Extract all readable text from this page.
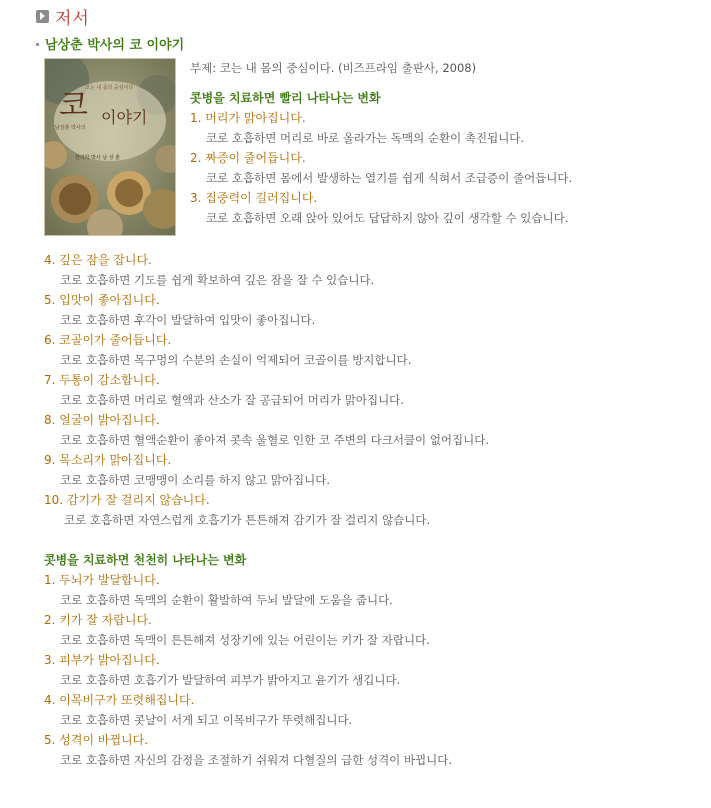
저서
남상춘 박사의 코 이야기
코는 내 몸의 중심이다
코 이야기
남상춘 박사의
한의학 박사 남 상 춘
부제: 코는 내 몸의 중심이다. (비즈프라임 출판사, 2008)
콧병을 치료하면 빨리 나타나는 변화
1. 머리가 맑아집니다.
코로 호흡하면 머리로 바로 올라가는 독맥의 순환이 촉진됩니다.
2. 짜증이 줄어듭니다.
코로 호흡하면 몸에서 발생하는 열기를 쉽게 식혀서 조급증이 줄어듭니다.
3. 집중력이 길러집니다.
코로 호흡하면 오래 앉아 있어도 답답하지 않아 깊이 생각할 수 있습니다.
4. 깊은 잠을 잡니다.
코로 호흡하면 기도를 쉽게 확보하여 깊은 잠을 잘 수 있습니다.
5. 입맛이 좋아집니다.
코로 호흡하면 후각이 발달하여 입맛이 좋아집니다.
6. 코골이가 줄어듭니다.
코로 호흡하면 목구멍의 수분의 손실이 억제되어 코골이를 방지합니다.
7. 두통이 감소합니다.
코로 호흡하면 머리로 혈액과 산소가 잘 공급되어 머리가 맑아집니다.
8. 얼굴이 밝아집니다.
코로 호흡하면 혈액순환이 좋아져 콧속 울혈로 인한 코 주변의 다크서클이 없어집니다.
9. 목소리가 맑아집니다.
코로 호흡하면 코맹맹이 소리를 하지 않고 맑아집니다.
10. 감기가 잘 걸리지 않습니다.
코로 호흡하면 자연스럽게 호흡기가 튼튼해져 감기가 잘 걸리지 않습니다.
콧병을 치료하면 천천히 나타나는 변화
1. 두뇌가 발달합니다.
코로 호흡하면 독맥의 순환이 활발하여 두뇌 발달에 도움을 줍니다.
2. 키가 잘 자랍니다.
코로 호흡하면 독맥이 튼튼해져 성장기에 있는 어린이는 키가 잘 자랍니다.
3. 피부가 밝아집니다.
코로 호흡하면 호흡기가 발달하여 피부가 밝아지고 윤기가 생깁니다.
4. 이목비구가 또렷해집니다.
코로 호흡하면 콧날이 서게 되고 이목비구가 뚜렷해집니다.
5. 성격이 바뀝니다.
코로 호흡하면 자신의 감정을 조절하기 쉬워져 다혈질의 급한 성격이 바뀝니다.
